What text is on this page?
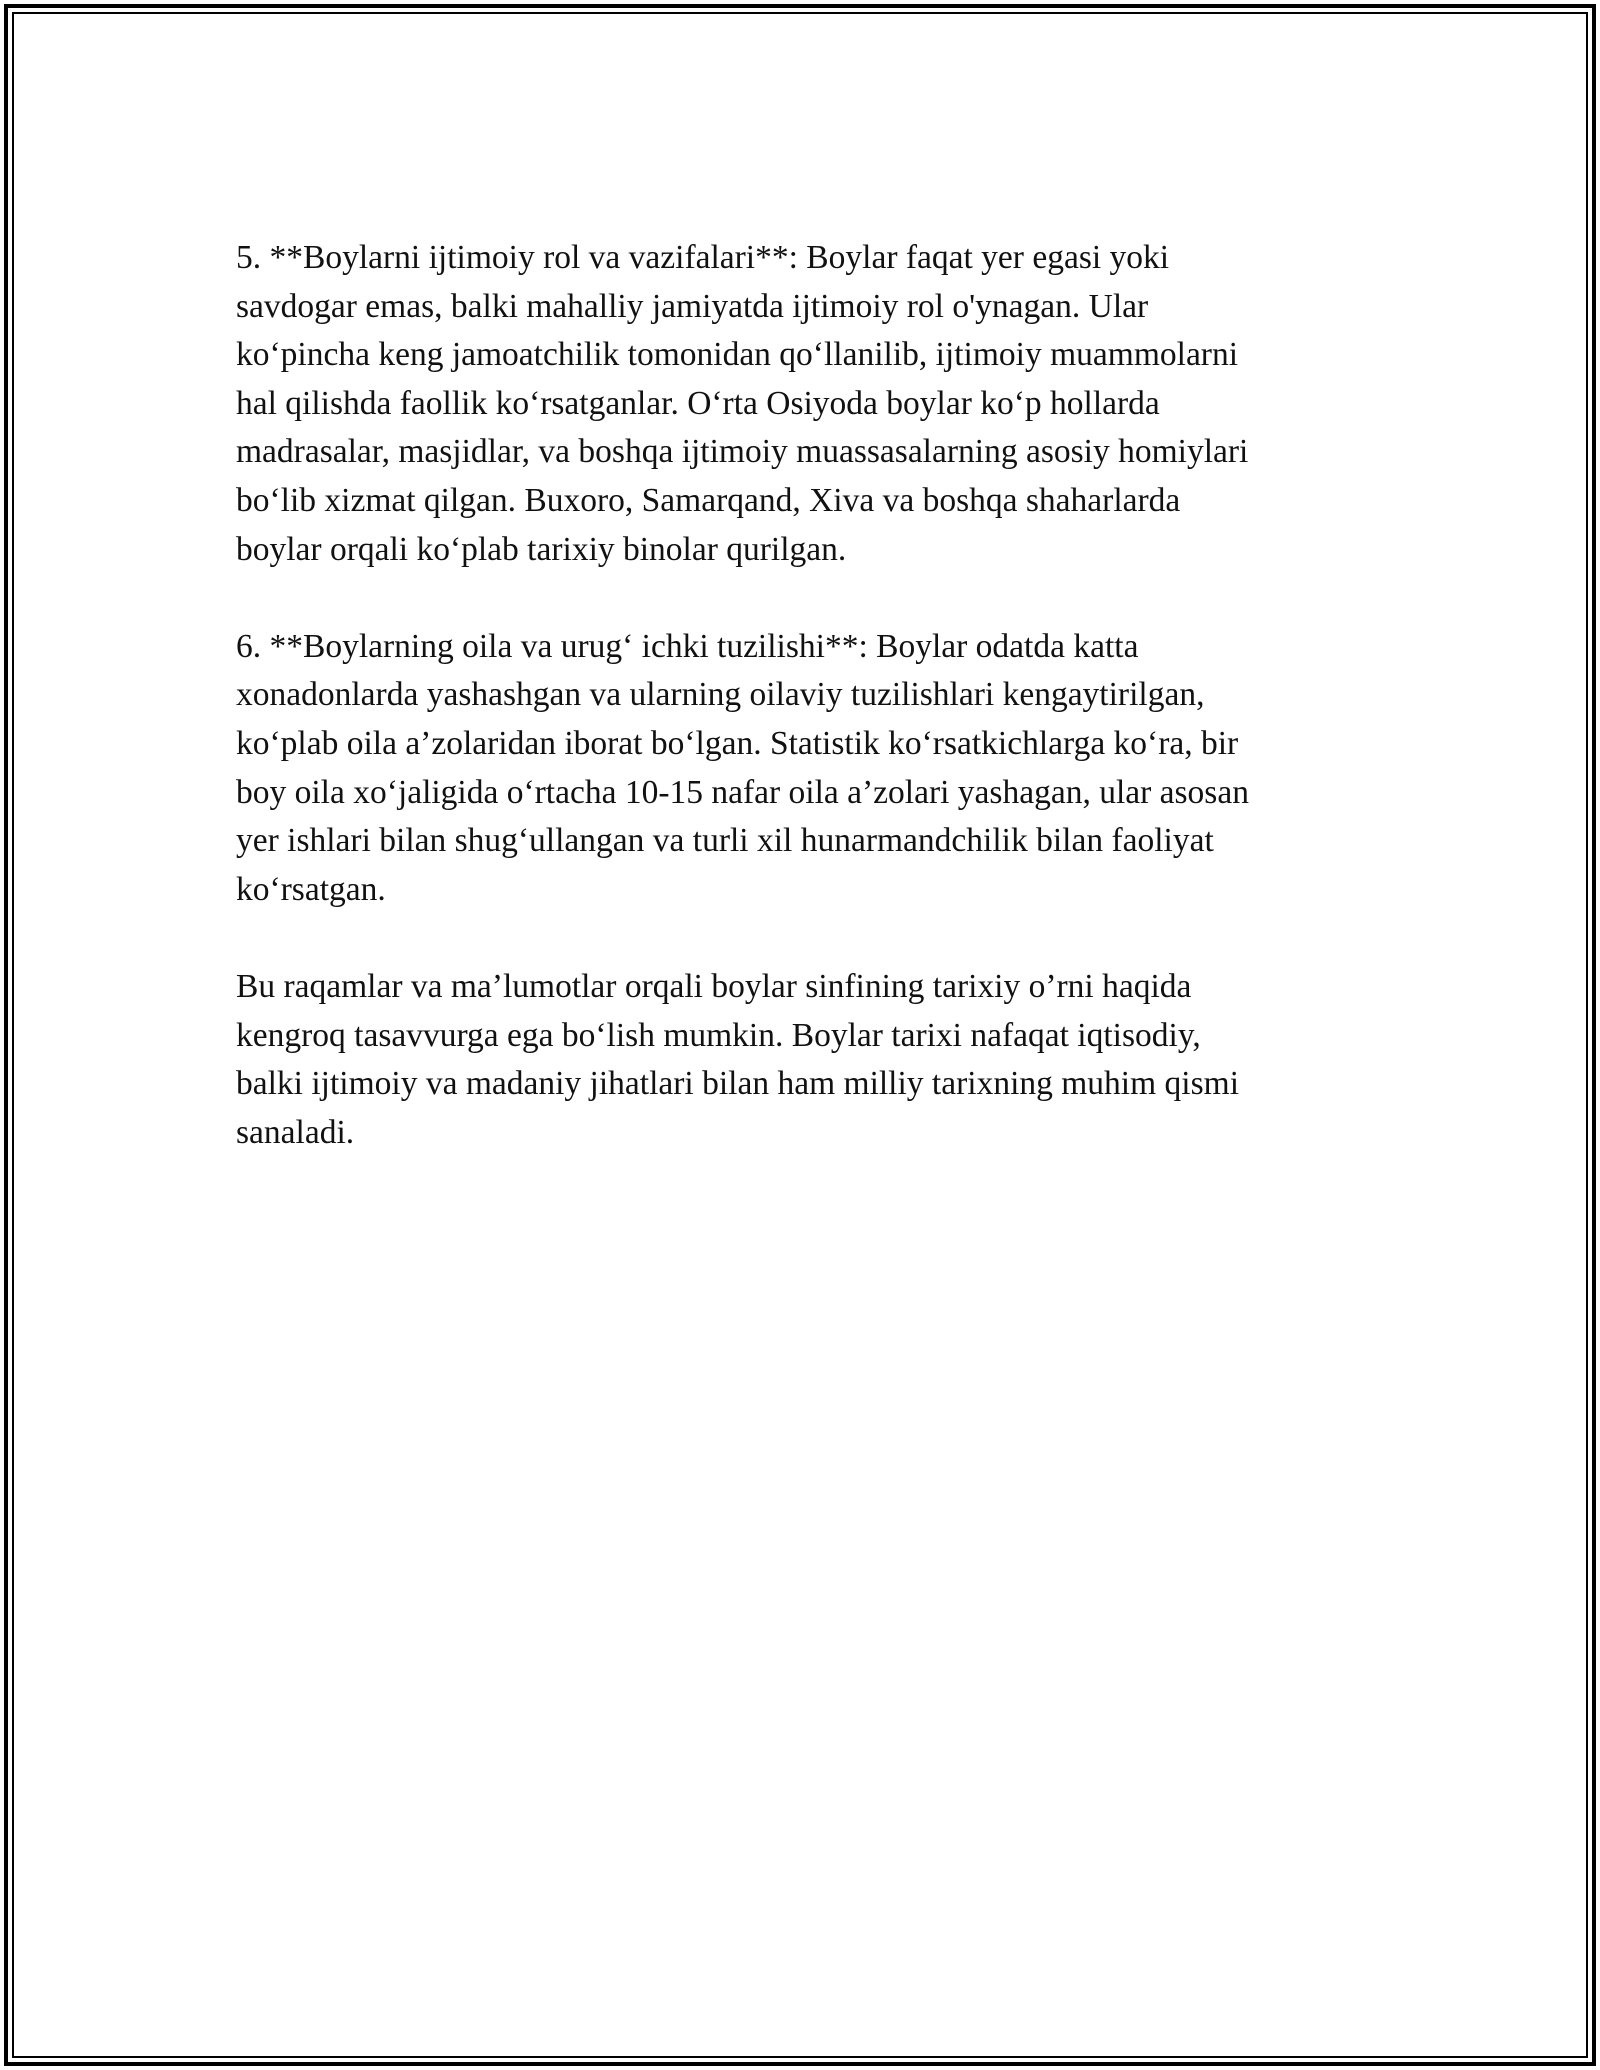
5. **Boylarni ijtimoiy rol va vazifalari**: Boylar faqat yer egasi yoki
savdogar emas, balki mahalliy jamiyatda ijtimoiy rol o'ynagan. Ular
ko‘pincha keng jamoatchilik tomonidan qo‘llanilib, ijtimoiy muammolarni
hal qilishda faollik ko‘rsatganlar. O‘rta Osiyoda boylar ko‘p hollarda
madrasalar, masjidlar, va boshqa ijtimoiy muassasalarning asosiy homiylari
bo‘lib xizmat qilgan. Buxoro, Samarqand, Xiva va boshqa shaharlarda
boylar orqali ko‘plab tarixiy binolar qurilgan.

6. **Boylarning oila va urug‘ ichki tuzilishi**: Boylar odatda katta
xonadonlarda yashashgan va ularning oilaviy tuzilishlari kengaytirilgan,
ko‘plab oila a’zolaridan iborat bo‘lgan. Statistik ko‘rsatkichlarga ko‘ra, bir
boy oila xo‘jaligida o‘rtacha 10-15 nafar oila a’zolari yashagan, ular asosan
yer ishlari bilan shug‘ullangan va turli xil hunarmandchilik bilan faoliyat
ko‘rsatgan.

Bu raqamlar va ma’lumotlar orqali boylar sinfining tarixiy o’rni haqida
kengroq tasavvurga ega bo‘lish mumkin. Boylar tarixi nafaqat iqtisodiy,
balki ijtimoiy va madaniy jihatlari bilan ham milliy tarixning muhim qismi
sanaladi.
